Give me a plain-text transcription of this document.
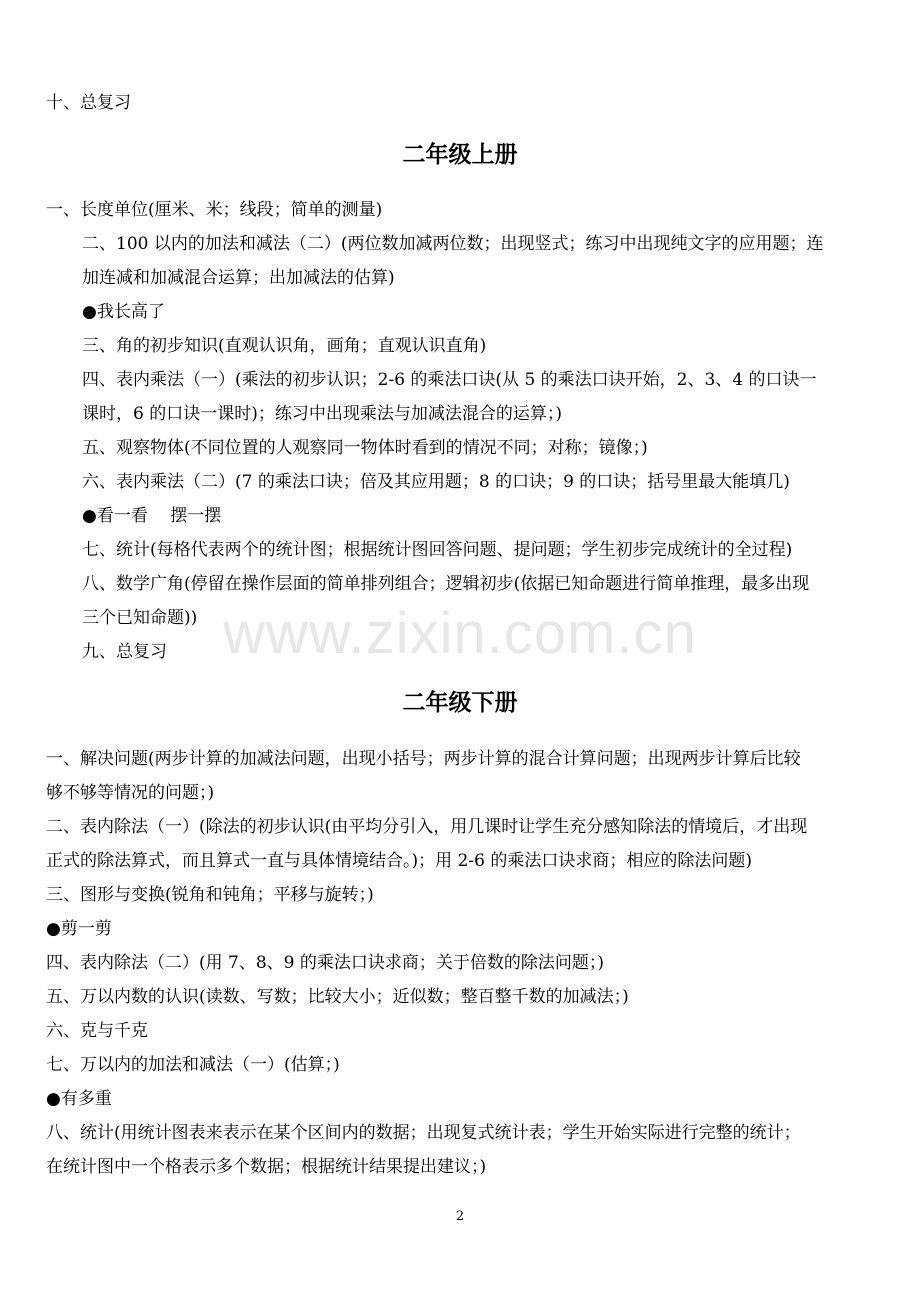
www.zixin.com.cn
十、总复习
二年级上册
一、长度单位(厘米、米；线段；简单的测量)
二、100 以内的加法和减法（二）(两位数加减两位数；出现竖式；练习中出现纯文字的应用题；连
加连减和加减混合运算；出加减法的估算)
●我长高了
三、角的初步知识(直观认识角，画角；直观认识直角)
四、表内乘法（一）(乘法的初步认识；2-6 的乘法口诀(从 5 的乘法口诀开始，2、3、4 的口诀一
课时，6 的口诀一课时)；练习中出现乘法与加减法混合的运算；)
五、观察物体(不同位置的人观察同一物体时看到的情况不同；对称；镜像；)
六、表内乘法（二）(7 的乘法口诀；倍及其应用题；8 的口诀；9 的口诀；括号里最大能填几)
●看一看　 摆一摆
七、统计(每格代表两个的统计图；根据统计图回答问题、提问题；学生初步完成统计的全过程)
八、数学广角(停留在操作层面的简单排列组合；逻辑初步(依据已知命题进行简单推理，最多出现
三个已知命题))
九、总复习
二年级下册
一、解决问题(两步计算的加减法问题，出现小括号；两步计算的混合计算问题；出现两步计算后比较
够不够等情况的问题；)
二、表内除法（一）(除法的初步认识(由平均分引入，用几课时让学生充分感知除法的情境后，才出现
正式的除法算式，而且算式一直与具体情境结合。)；用 2-6 的乘法口诀求商；相应的除法问题)
三、图形与变换(锐角和钝角；平移与旋转；)
●剪一剪
四、表内除法（二）(用 7、8、9 的乘法口诀求商；关于倍数的除法问题；)
五、万以内数的认识(读数、写数；比较大小；近似数；整百整千数的加减法；)
六、克与千克
七、万以内的加法和减法（一）(估算；)
●有多重
八、统计(用统计图表来表示在某个区间内的数据；出现复式统计表；学生开始实际进行完整的统计；
在统计图中一个格表示多个数据；根据统计结果提出建议；)
2
